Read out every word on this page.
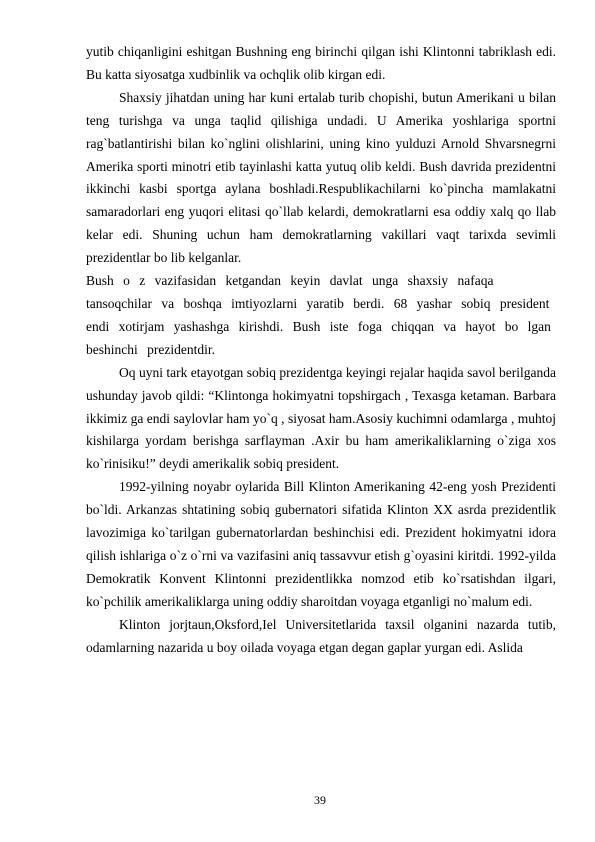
yutib chiqanligini eshitgan Bushning eng birinchi qilgan ishi Klintonni tabriklash edi. Bu katta siyosatga xudbinlik va ochqlik olib kirgan edi.

Shaxsiy jihatdan uning har kuni ertalab turib chopishi, butun Amerikani u bilan teng turishga va unga taqlid qilishiga undadi. U Amerika yoshlariga sportni rag`batlantirishi bilan ko`nglini olishlarini, uning kino yulduzi Arnold Shvarsnegrni Amerika sporti minotri etib tayinlashi katta yutuq olib keldi. Bush davrida prezidentni ikkinchi kasbi sportga aylana boshladi.Respublikachilarni ko`pincha mamlakatni samaradorlari eng yuqori elitasi qo`llab kelardi, demokratlarni esa oddiy xalq qo llab kelar edi. Shuning uchun ham demokratlarning vakillari vaqt tarixda sevimli prezidentlar bo lib kelganlar.

Bush o z vazifasidan ketgandan keyin davlat unga shaxsiy nafaqa tansoqchilar va boshqa imtiyozlarni yaratib berdi. 68 yashar sobiq president endi xotirjam yashashga kirishdi. Bush iste foga chiqqan va hayot bo lgan beshinchi prezidentdir.

Oq uyni tark etayotgan sobiq prezidentga keyingi rejalar haqida savol berilganda ushunday javob qildi: “Klintonga hokimyatni topshirgach , Texasga ketaman. Barbara ikkimiz ga endi saylovlar ham yo`q , siyosat ham.Asosiy kuchimni odamlarga , muhtoj kishilarga yordam berishga sarflayman .Axir bu ham amerikaliklarning o`ziga xos ko`rinisiku!” deydi amerikalik sobiq president.

1992-yilning noyabr oylarida Bill Klinton Amerikaning 42-eng yosh Prezidenti bo`ldi. Arkanzas shtatining sobiq gubernatori sifatida Klinton XX asrda prezidentlik lavozimiga ko`tarilgan gubernatorlardan beshinchisi edi. Prezident hokimyatni idora qilish ishlariga o`z o`rni va vazifasini aniq tassavvur etish g`oyasini kiritdi. 1992-yilda Demokratik Konvent Klintonni prezidentlikka nomzod etib ko`rsatishdan ilgari, ko`pchilik amerikaliklarga uning oddiy sharoitdan voyaga etganligi no`malum edi.

Klinton jorjtaun,Oksford,Iel Universitetlarida taxsil olganini nazarda tutib, odamlarning nazarida u boy oilada voyaga etgan degan gaplar yurgan edi. Aslida

39
